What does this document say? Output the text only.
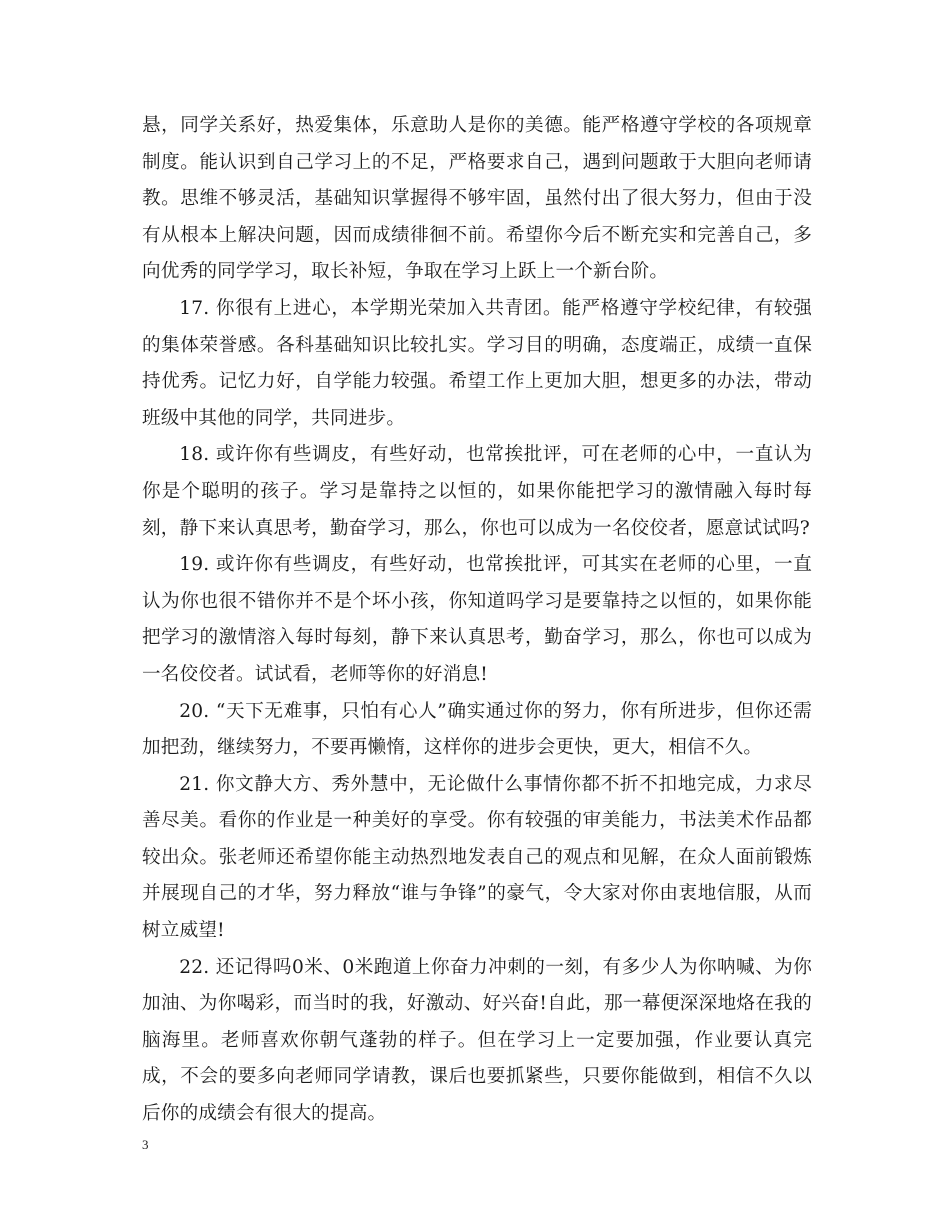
悬，同学关系好，热爱集体，乐意助人是你的美德。能严格遵守学校的各项规章制度。能认识到自己学习上的不足，严格要求自己，遇到问题敢于大胆向老师请教。思维不够灵活，基础知识掌握得不够牢固，虽然付出了很大努力，但由于没有从根本上解决问题，因而成绩徘徊不前。希望你今后不断充实和完善自己，多向优秀的同学学习，取长补短，争取在学习上跃上一个新台阶。

17. 你很有上进心，本学期光荣加入共青团。能严格遵守学校纪律，有较强的集体荣誉感。各科基础知识比较扎实。学习目的明确，态度端正，成绩一直保持优秀。记忆力好，自学能力较强。希望工作上更加大胆，想更多的办法，带动班级中其他的同学，共同进步。

18. 或许你有些调皮，有些好动，也常挨批评，可在老师的心中，一直认为你是个聪明的孩子。学习是靠持之以恒的，如果你能把学习的激情融入每时每刻，静下来认真思考，勤奋学习，那么，你也可以成为一名佼佼者，愿意试试吗?

19. 或许你有些调皮，有些好动，也常挨批评，可其实在老师的心里，一直认为你也很不错你并不是个坏小孩，你知道吗学习是要靠持之以恒的，如果你能把学习的激情溶入每时每刻，静下来认真思考，勤奋学习，那么，你也可以成为一名佼佼者。试试看，老师等你的好消息!

20. “天下无难事，只怕有心人”确实通过你的努力，你有所进步，但你还需加把劲，继续努力，不要再懒惰，这样你的进步会更快，更大，相信不久。

21. 你文静大方、秀外慧中，无论做什么事情你都不折不扣地完成，力求尽善尽美。看你的作业是一种美好的享受。你有较强的审美能力，书法美术作品都较出众。张老师还希望你能主动热烈地发表自己的观点和见解，在众人面前锻炼并展现自己的才华，努力释放“谁与争锋”的豪气，令大家对你由衷地信服，从而树立威望!

22. 还记得吗0米、0米跑道上你奋力冲刺的一刻，有多少人为你呐喊、为你加油、为你喝彩，而当时的我，好激动、好兴奋!自此，那一幕便深深地烙在我的脑海里。老师喜欢你朝气蓬勃的样子。但在学习上一定要加强，作业要认真完成，不会的要多向老师同学请教，课后也要抓紧些，只要你能做到，相信不久以后你的成绩会有很大的提高。

3
